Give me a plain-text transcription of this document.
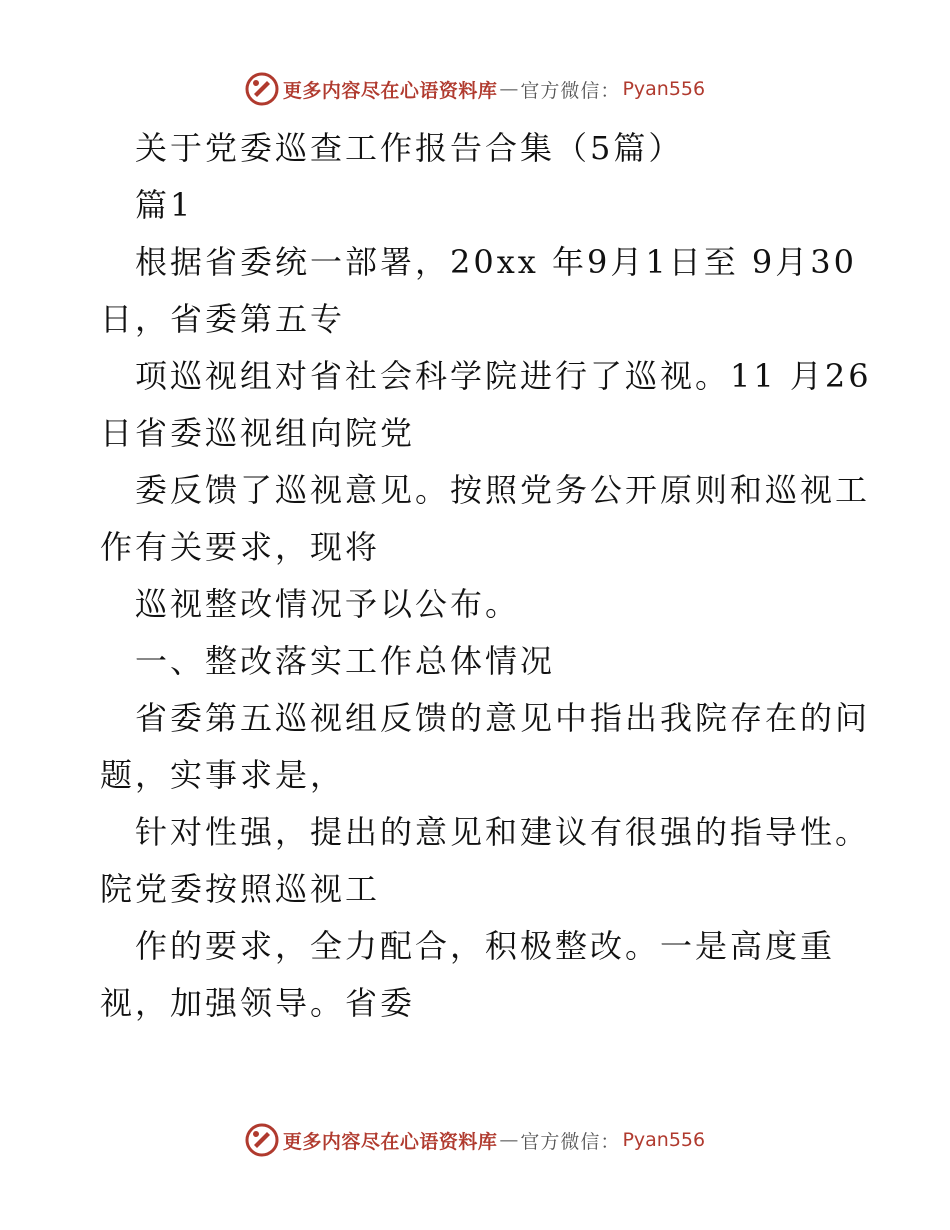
更多内容尽在心语资料库 — 官方微信： Pyan556
关于党委巡查工作报告合集（5篇）
篇1
根据省委统一部署，20xx 年9月1日至 9月30
日，省委第五专
项巡视组对省社会科学院进行了巡视。11 月26
日省委巡视组向院党
委反馈了巡视意见。按照党务公开原则和巡视工
作有关要求，现将
巡视整改情况予以公布。
一、整改落实工作总体情况
省委第五巡视组反馈的意见中指出我院存在的问
题，实事求是，
针对性强，提出的意见和建议有很强的指导性。
院党委按照巡视工
作的要求，全力配合，积极整改。一是高度重
视，加强领导。省委
更多内容尽在心语资料库 — 官方微信： Pyan556
